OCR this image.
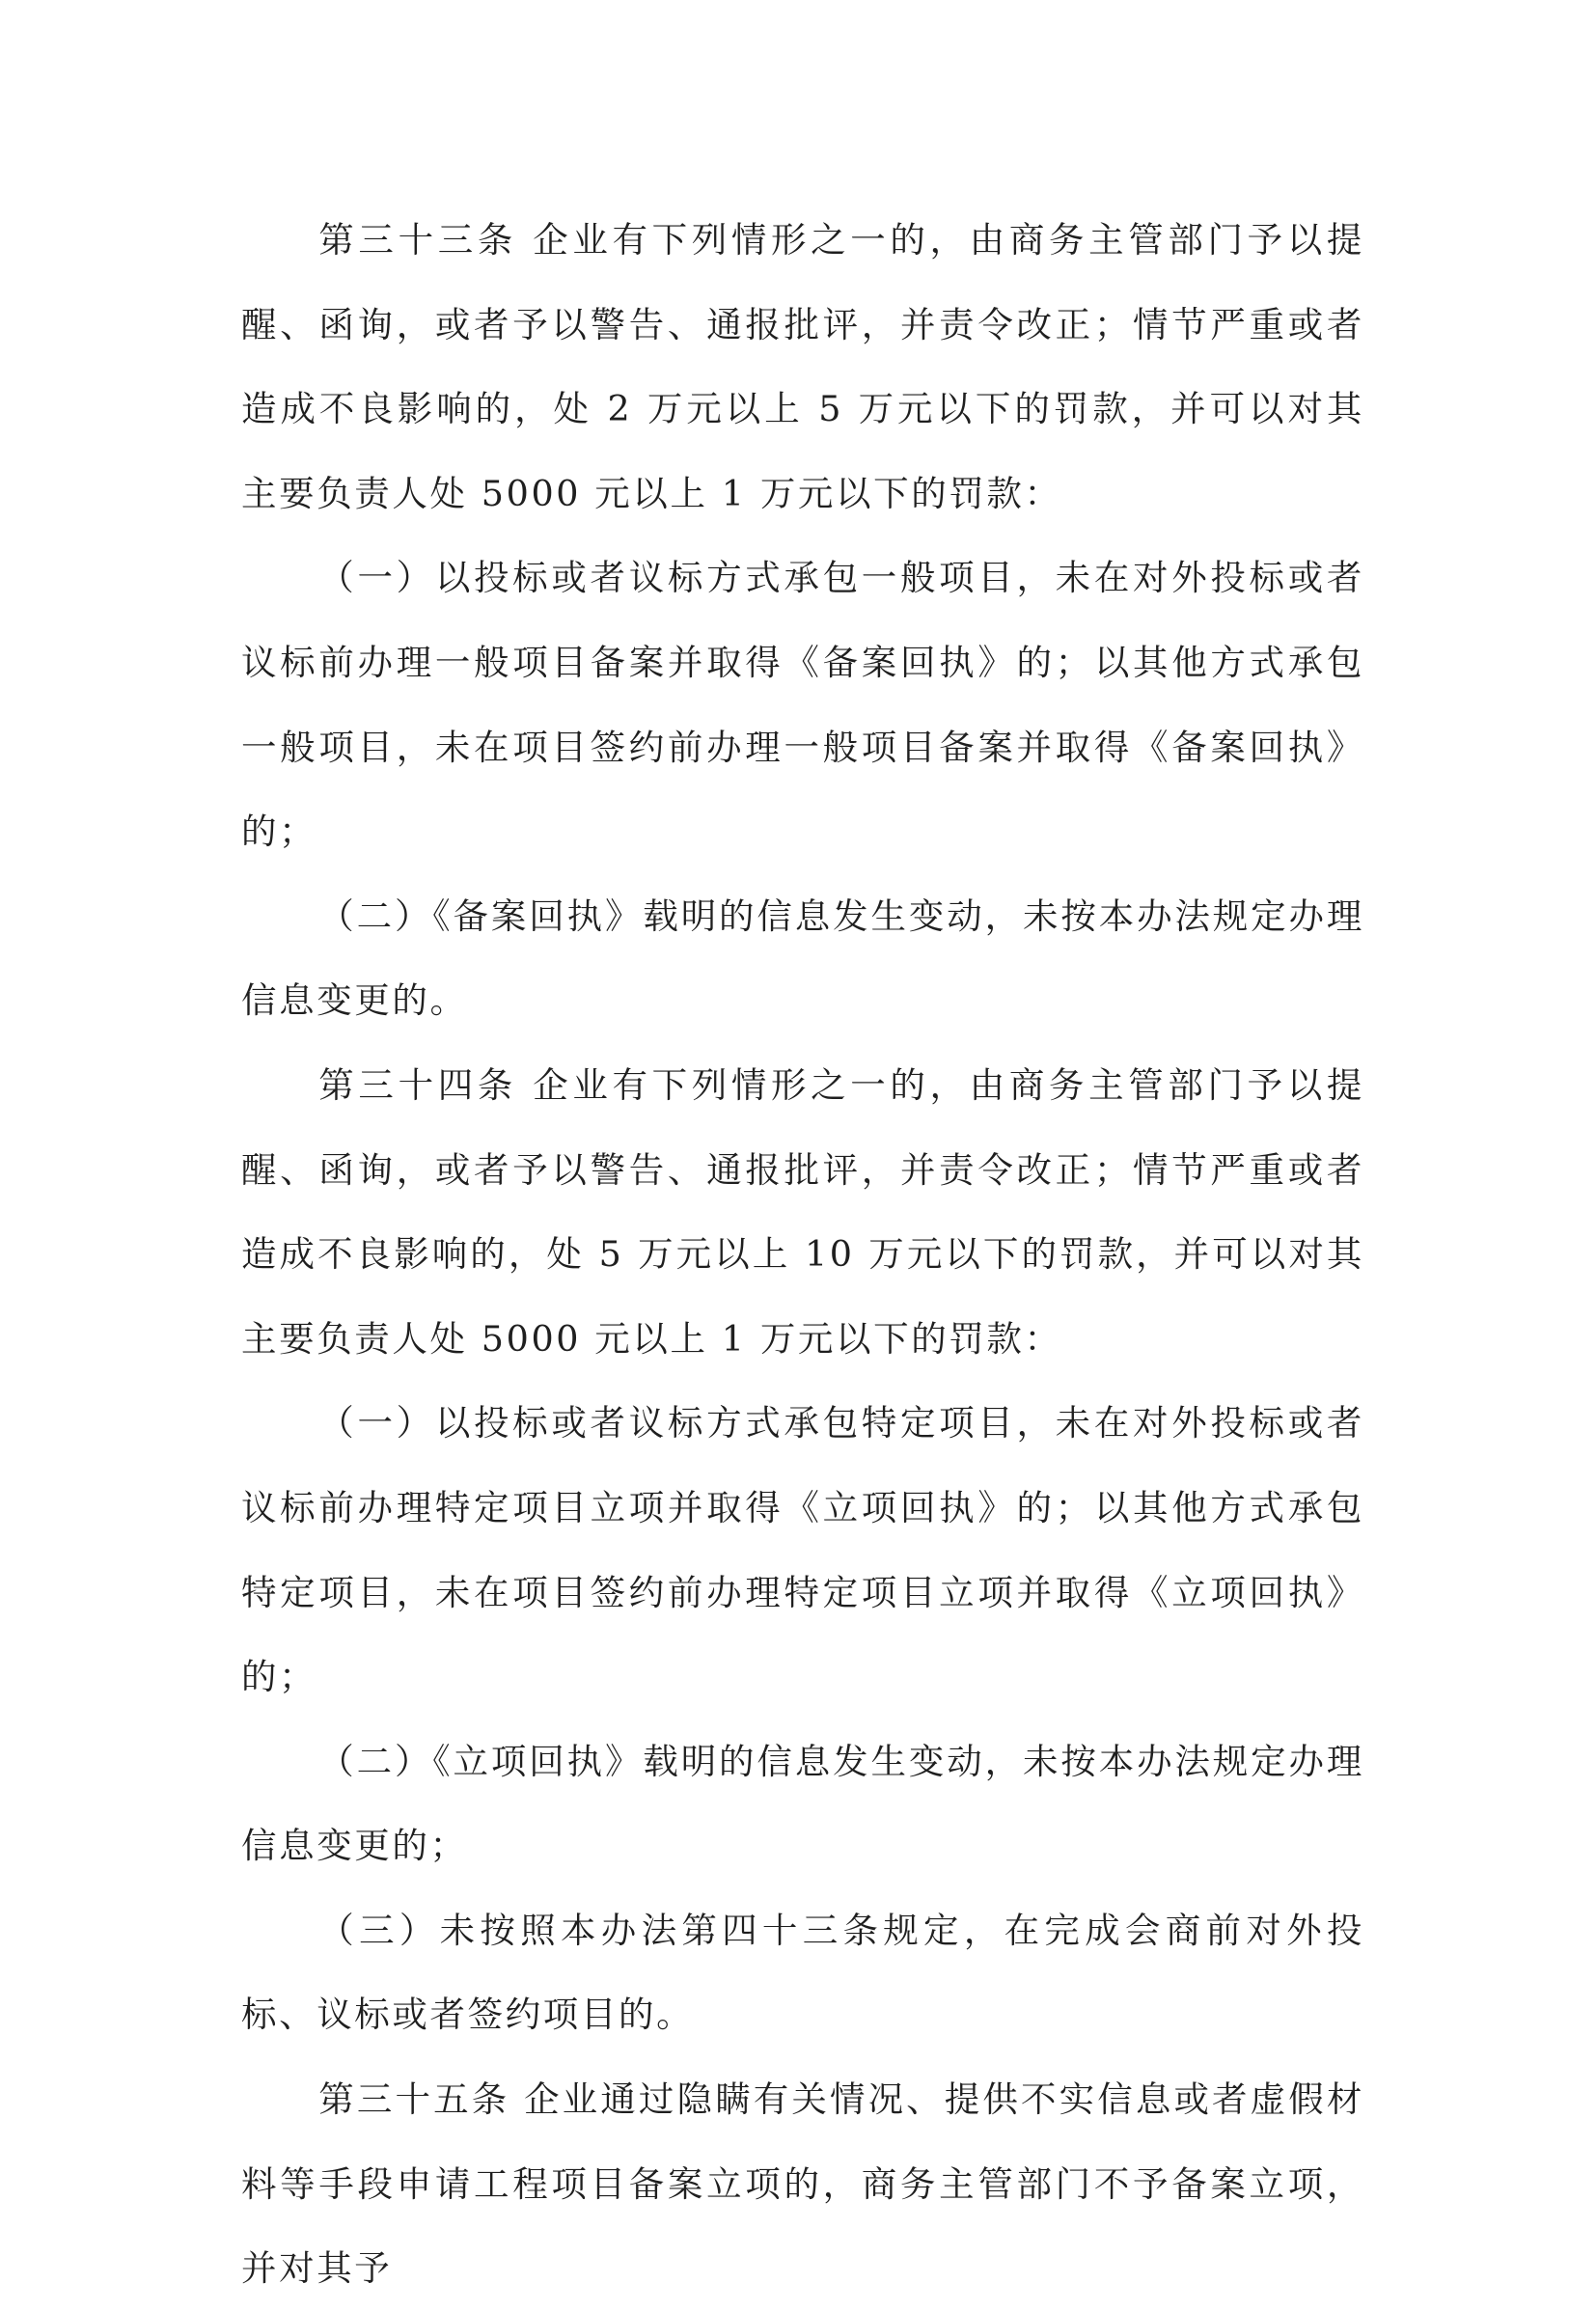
第三十三条 企业有下列情形之一的，由商务主管部门予以提醒、函询，或者予以警告、通报批评，并责令改正；情节严重或者造成不良影响的，处 2 万元以上 5 万元以下的罚款，并可以对其主要负责人处 5000 元以上 1 万元以下的罚款：

（一）以投标或者议标方式承包一般项目，未在对外投标或者议标前办理一般项目备案并取得《备案回执》的；以其他方式承包一般项目，未在项目签约前办理一般项目备案并取得《备案回执》的；

（二）《备案回执》载明的信息发生变动，未按本办法规定办理信息变更的。

第三十四条 企业有下列情形之一的，由商务主管部门予以提醒、函询，或者予以警告、通报批评，并责令改正；情节严重或者造成不良影响的，处 5 万元以上 10 万元以下的罚款，并可以对其主要负责人处 5000 元以上 1 万元以下的罚款：

（一）以投标或者议标方式承包特定项目，未在对外投标或者议标前办理特定项目立项并取得《立项回执》的；以其他方式承包特定项目，未在项目签约前办理特定项目立项并取得《立项回执》的；

（二）《立项回执》载明的信息发生变动，未按本办法规定办理信息变更的；

（三）未按照本办法第四十三条规定，在完成会商前对外投标、议标或者签约项目的。

第三十五条 企业通过隐瞒有关情况、提供不实信息或者虚假材料等手段申请工程项目备案立项的，商务主管部门不予备案立项，并对其予
